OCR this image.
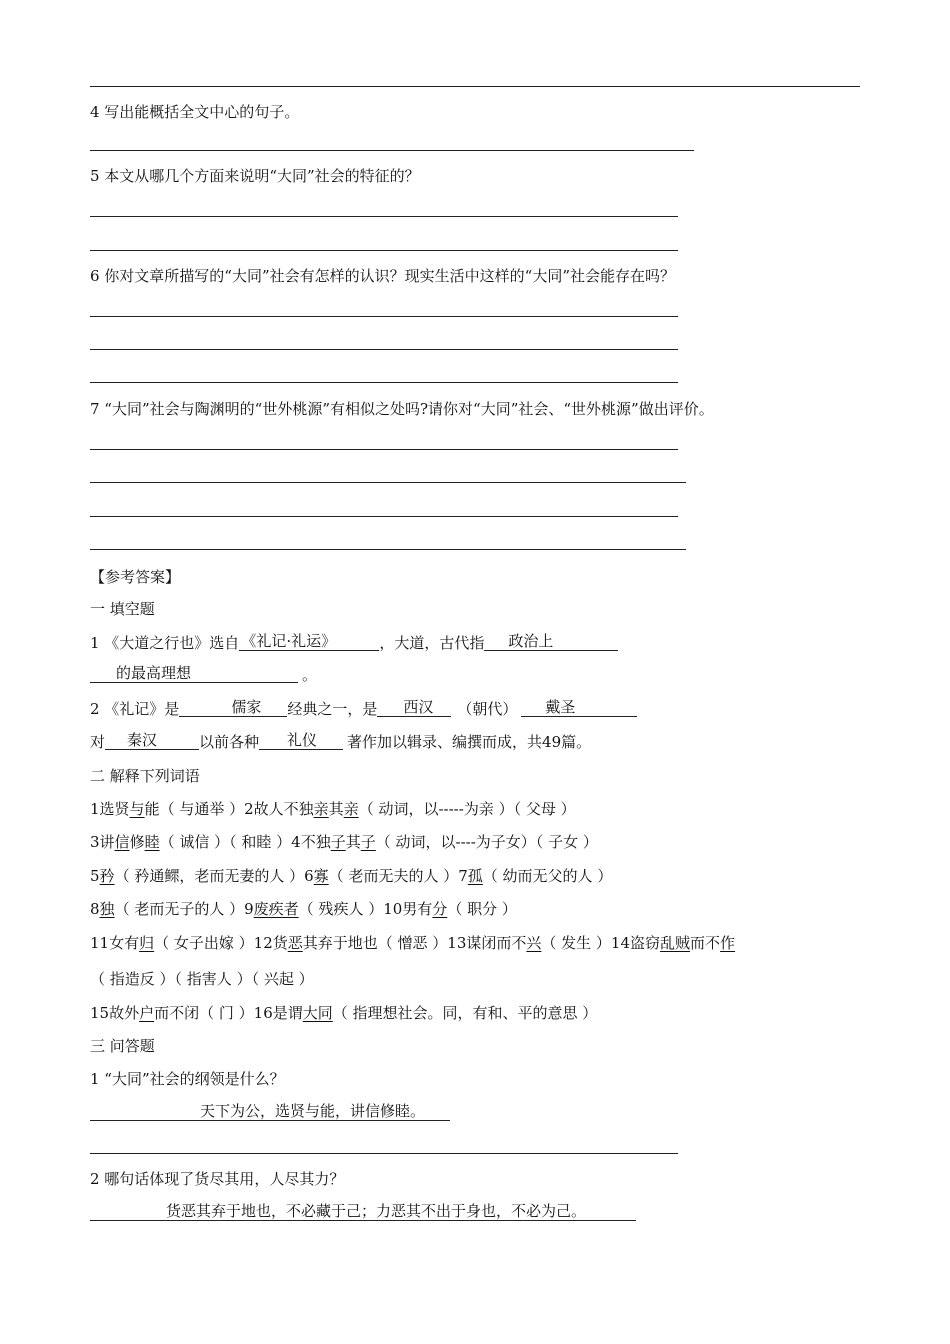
4 写出能概括全文中心的句子。
5 本文从哪几个方面来说明“大同”社会的特征的？
6 你对文章所描写的“大同”社会有怎样的认识？现实生活中这样的“大同”社会能存在吗？
7 “大同”社会与陶渊明的“世外桃源”有相似之处吗?请你对“大同”社会、“世外桃源”做出评价。
【参考答案】
一 填空题
1 《大道之行也》选自 《礼记·礼运》	，大道，古代指 政治上
的最高理想	。
2 《礼记》是	儒家 经典之一，是 西汉 （朝代） 戴圣
对 秦汉	以前各种 礼仪 著作加以辑录、编撰而成，共49篇。
二 解释下列词语
1选贤与能（ 与通举 ）2故人不独亲其亲（ 动词，以-----为亲 ）（ 父母 ）
3讲信修睦（ 诚信 ）（ 和睦 ）4不独子其子（ 动词，以----为子女）（ 子女 ）
5矜（ 矜通鳏，老而无妻的人 ）6寡（ 老而无夫的人 ）7孤（ 幼而无父的人 ）
8独（ 老而无子的人 ）9废疾者（ 残疾人 ）10男有分（ 职分 ）
11女有归（ 女子出嫁 ）12货恶其弃于地也（ 憎恶 ）13谋闭而不兴（ 发生 ）14盗窃乱贼而不作
（ 指造反 ）（ 指害人 ）（ 兴起 ）
15故外户而不闭（ 门 ）16是谓大同（ 指理想社会。同，有和、平的意思 ）
三 问答题
1 “大同”社会的纲领是什么？
天下为公，选贤与能，讲信修睦。
2 哪句话体现了货尽其用，人尽其力？
货恶其弃于地也，不必藏于己；力恶其不出于身也，不必为己。
